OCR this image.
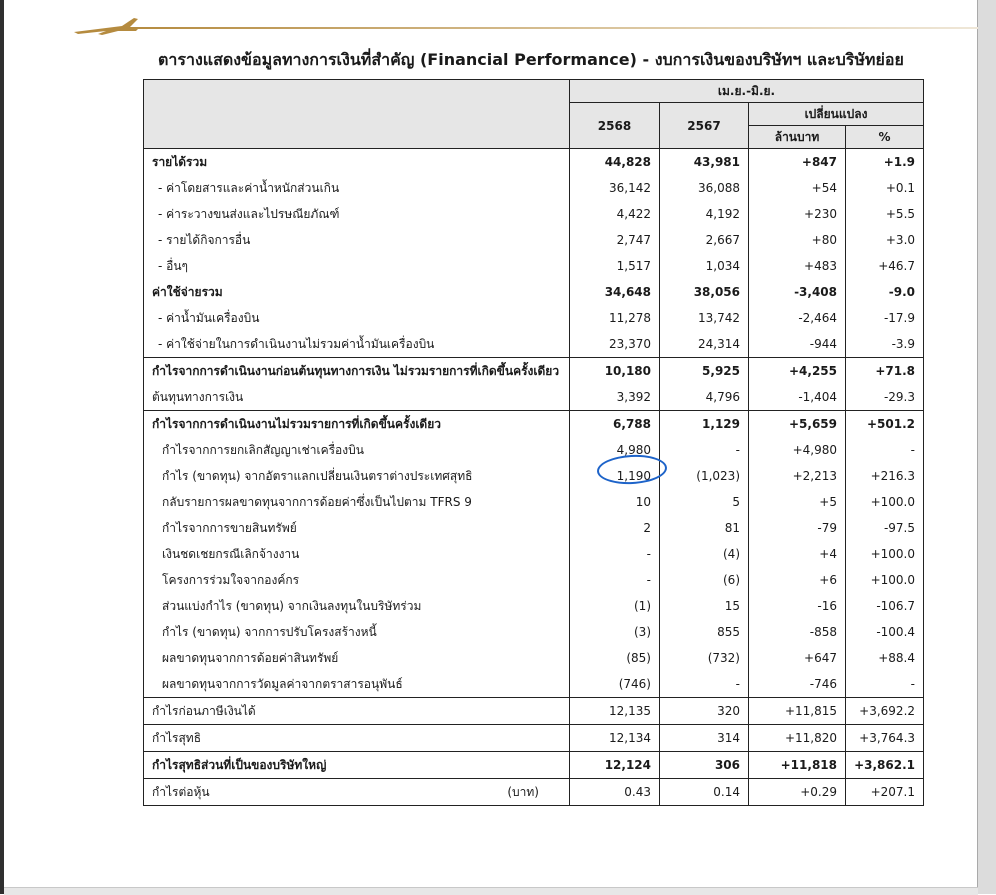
ตารางแสดงข้อมูลทางการเงินที่สำคัญ (Financial Performance) - งบการเงินของบริษัทฯ และบริษัทย่อย
	เม.ย.-มิ.ย.			
	2568	2567	เปลี่ยนแปลง	
			ล้านบาท	%
รายได้รวม	44,828	43,981	+847	+1.9
- ค่าโดยสารและค่าน้ำหนักส่วนเกิน	36,142	36,088	+54	+0.1
- ค่าระวางขนส่งและไปรษณียภัณฑ์	4,422	4,192	+230	+5.5
- รายได้กิจการอื่น	2,747	2,667	+80	+3.0
- อื่นๆ	1,517	1,034	+483	+46.7
ค่าใช้จ่ายรวม	34,648	38,056	-3,408	-9.0
- ค่าน้ำมันเครื่องบิน	11,278	13,742	-2,464	-17.9
- ค่าใช้จ่ายในการดำเนินงานไม่รวมค่าน้ำมันเครื่องบิน	23,370	24,314	-944	-3.9
กำไรจากการดำเนินงานก่อนต้นทุนทางการเงิน ไม่รวมรายการที่เกิดขึ้นครั้งเดียว	10,180	5,925	+4,255	+71.8
ต้นทุนทางการเงิน	3,392	4,796	-1,404	-29.3
กำไรจากการดำเนินงานไม่รวมรายการที่เกิดขึ้นครั้งเดียว	6,788	1,129	+5,659	+501.2
กำไรจากการยกเลิกสัญญาเช่าเครื่องบิน	4,980	-	+4,980	-
กำไร (ขาดทุน) จากอัตราแลกเปลี่ยนเงินตราต่างประเทศสุทธิ	1,190	(1,023)	+2,213	+216.3
กลับรายการผลขาดทุนจากการด้อยค่าซึ่งเป็นไปตาม TFRS 9	10	5	+5	+100.0
กำไรจากการขายสินทรัพย์	2	81	-79	-97.5
เงินชดเชยกรณีเลิกจ้างงาน	-	(4)	+4	+100.0
โครงการร่วมใจจากองค์กร	-	(6)	+6	+100.0
ส่วนแบ่งกำไร (ขาดทุน) จากเงินลงทุนในบริษัทร่วม	(1)	15	-16	-106.7
กำไร (ขาดทุน) จากการปรับโครงสร้างหนี้	(3)	855	-858	-100.4
ผลขาดทุนจากการด้อยค่าสินทรัพย์	(85)	(732)	+647	+88.4
ผลขาดทุนจากการวัดมูลค่าจากตราสารอนุพันธ์	(746)	-	-746	-
กำไรก่อนภาษีเงินได้	12,135	320	+11,815	+3,692.2
กำไรสุทธิ	12,134	314	+11,820	+3,764.3
กำไรสุทธิส่วนที่เป็นของบริษัทใหญ่	12,124	306	+11,818	+3,862.1
กำไรต่อหุ้น (บาท)	0.43	0.14	+0.29	+207.1
